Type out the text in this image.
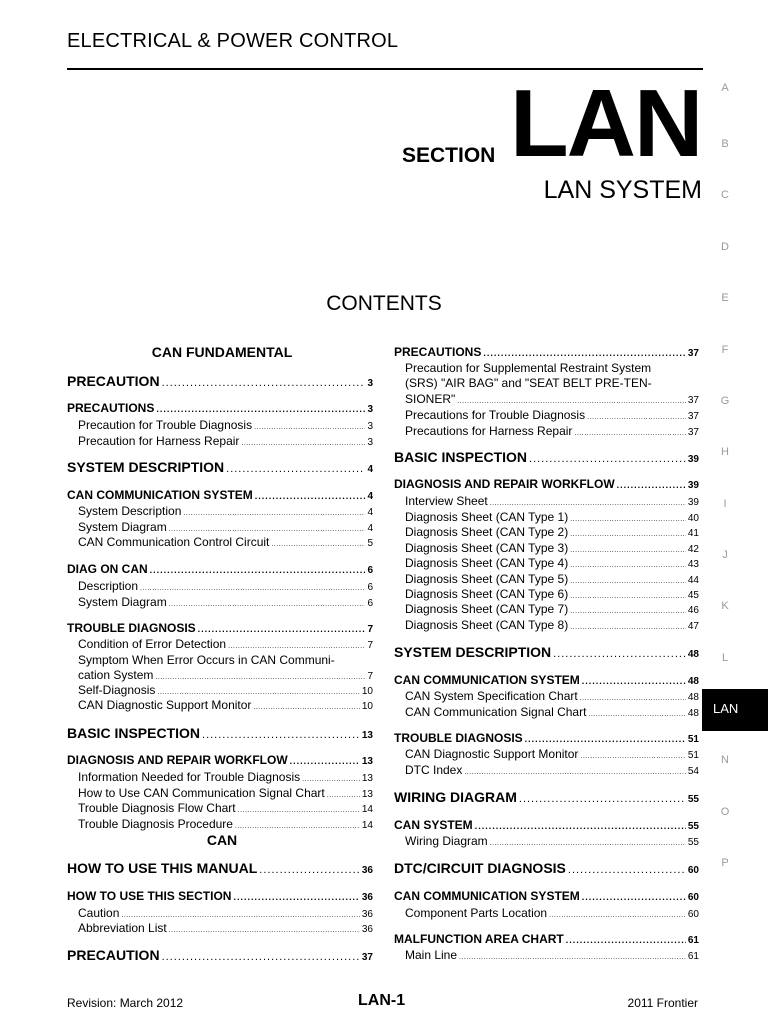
ELECTRICAL & POWER CONTROL
SECTION LAN
LAN SYSTEM
CONTENTS
A
B
C
D
E
F
G
H
I
J
K
L
N
O
P
LAN
CAN FUNDAMENTAL
PRECAUTION .....	3
PRECAUTIONS .....	3
Precaution for Trouble Diagnosis .....	3
Precaution for Harness Repair .....	3
SYSTEM DESCRIPTION .....	4
CAN COMMUNICATION SYSTEM .....	4
System Description .....	4
System Diagram .....	4
CAN Communication Control Circuit .....	5
DIAG ON CAN .....	6
Description .....	6
System Diagram .....	6
TROUBLE DIAGNOSIS .....	7
Condition of Error Detection .....	7
Symptom When Error Occurs in CAN Communi-
cation System .....	7
Self-Diagnosis .....	10
CAN Diagnostic Support Monitor .....	10
BASIC INSPECTION .....	13
DIAGNOSIS AND REPAIR WORKFLOW .....	13
Information Needed for Trouble Diagnosis .....	13
How to Use CAN Communication Signal Chart .....	13
Trouble Diagnosis Flow Chart .....	14
Trouble Diagnosis Procedure .....	14
CAN
HOW TO USE THIS MANUAL .....	36
HOW TO USE THIS SECTION .....	36
Caution .....	36
Abbreviation List .....	36
PRECAUTION .....	37
PRECAUTIONS .....	37
Precaution for Supplemental Restraint System
(SRS) "AIR BAG" and "SEAT BELT PRE-TEN-
SIONER" .....	37
Precautions for Trouble Diagnosis .....	37
Precautions for Harness Repair .....	37
BASIC INSPECTION .....	39
DIAGNOSIS AND REPAIR WORKFLOW .....	39
Interview Sheet .....	39
Diagnosis Sheet (CAN Type 1) .....	40
Diagnosis Sheet (CAN Type 2) .....	41
Diagnosis Sheet (CAN Type 3) .....	42
Diagnosis Sheet (CAN Type 4) .....	43
Diagnosis Sheet (CAN Type 5) .....	44
Diagnosis Sheet (CAN Type 6) .....	45
Diagnosis Sheet (CAN Type 7) .....	46
Diagnosis Sheet (CAN Type 8) .....	47
SYSTEM DESCRIPTION .....	48
CAN COMMUNICATION SYSTEM .....	48
CAN System Specification Chart .....	48
CAN Communication Signal Chart .....	48
TROUBLE DIAGNOSIS .....	51
CAN Diagnostic Support Monitor .....	51
DTC Index .....	54
WIRING DIAGRAM .....	55
CAN SYSTEM .....	55
Wiring Diagram .....	55
DTC/CIRCUIT DIAGNOSIS .....	60
CAN COMMUNICATION SYSTEM .....	60
Component Parts Location .....	60
MALFUNCTION AREA CHART .....	61
Main Line .....	61
Revision: March 2012	LAN-1	2011 Frontier
